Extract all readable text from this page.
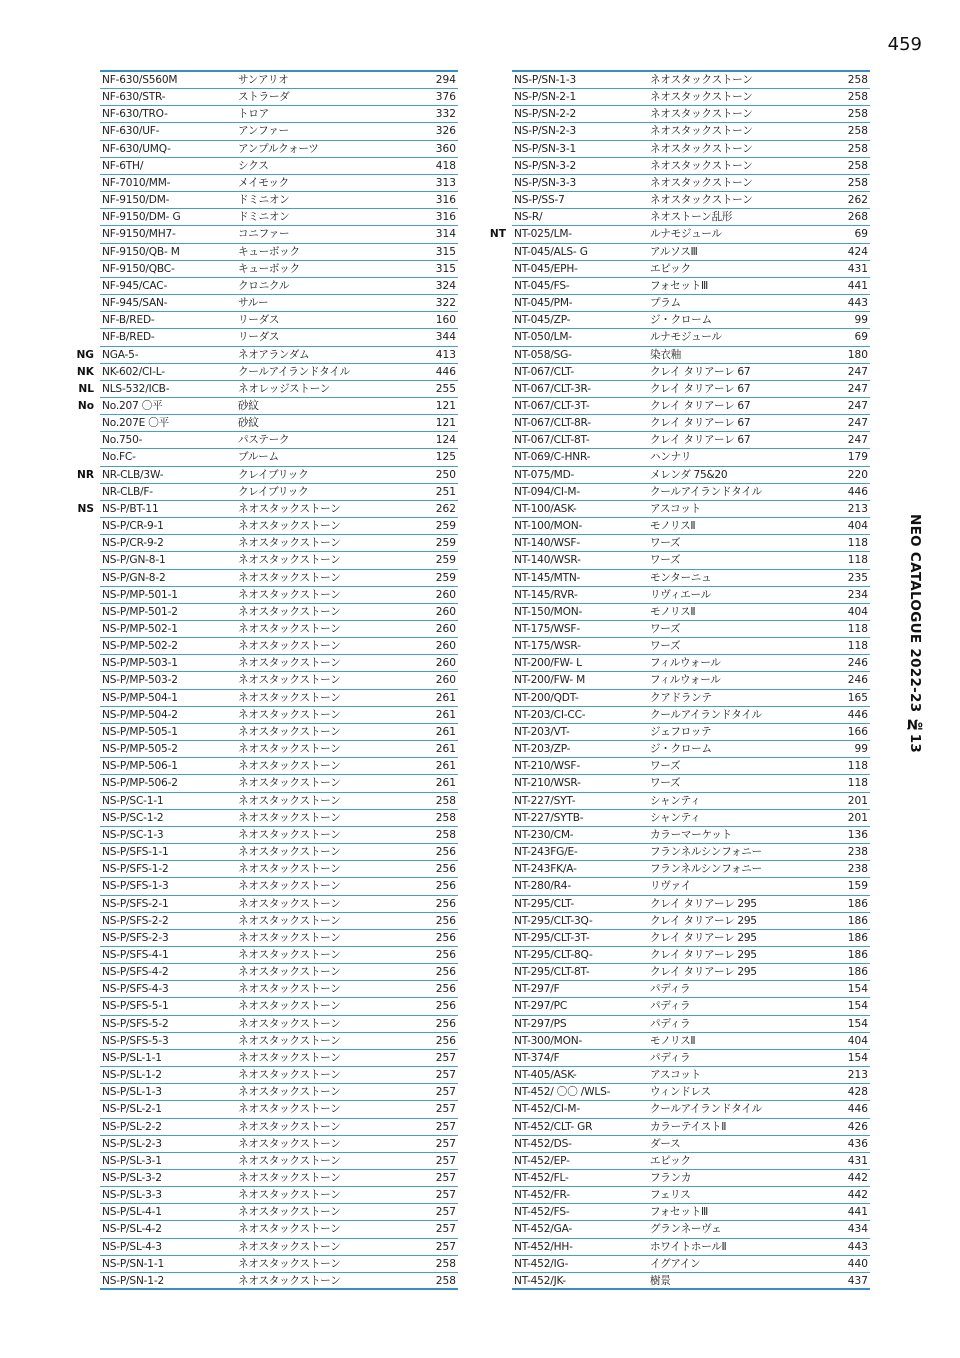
459
NEO CATALOGUE 2022-23 №13
NF-630/S560M	サンアリオ	294
NF-630/STR-	ストラーダ	376
NF-630/TRO-	トロア	332
NF-630/UF-	アンファー	326
NF-630/UMQ-	アンプルクォーツ	360
NF-6TH/	シクス	418
NF-7010/MM-	メイモック	313
NF-9150/DM-	ドミニオン	316
NF-9150/DM- G	ドミニオン	316
NF-9150/MH7-	コニファー	314
NF-9150/QB- M	キューボック	315
NF-9150/QBC-	キューボック	315
NF-945/CAC-	クロニクル	324
NF-945/SAN-	サルー	322
NF-B/RED-	リーダス	160
NF-B/RED-	リーダス	344
NG NGA-5-	ネオアランダム	413
NK NK-602/CI-L-	クールアイランドタイル	446
NL NLS-532/ICB-	ネオレッジストーン	255
No No.207 〇平	砂紋	121
No.207E 〇平	砂紋	121
No.750-	パステーク	124
No.FC-	ブルーム	125
NR NR-CLB/3W-	クレイブリック	250
NR-CLB/F-	クレイブリック	251
NS NS-P/BT-11	ネオスタックストーン	262
NS-P/CR-9-1	ネオスタックストーン	259
NS-P/CR-9-2	ネオスタックストーン	259
NS-P/GN-8-1	ネオスタックストーン	259
NS-P/GN-8-2	ネオスタックストーン	259
NS-P/MP-501-1	ネオスタックストーン	260
NS-P/MP-501-2	ネオスタックストーン	260
NS-P/MP-502-1	ネオスタックストーン	260
NS-P/MP-502-2	ネオスタックストーン	260
NS-P/MP-503-1	ネオスタックストーン	260
NS-P/MP-503-2	ネオスタックストーン	260
NS-P/MP-504-1	ネオスタックストーン	261
NS-P/MP-504-2	ネオスタックストーン	261
NS-P/MP-505-1	ネオスタックストーン	261
NS-P/MP-505-2	ネオスタックストーン	261
NS-P/MP-506-1	ネオスタックストーン	261
NS-P/MP-506-2	ネオスタックストーン	261
NS-P/SC-1-1	ネオスタックストーン	258
NS-P/SC-1-2	ネオスタックストーン	258
NS-P/SC-1-3	ネオスタックストーン	258
NS-P/SFS-1-1	ネオスタックストーン	256
NS-P/SFS-1-2	ネオスタックストーン	256
NS-P/SFS-1-3	ネオスタックストーン	256
NS-P/SFS-2-1	ネオスタックストーン	256
NS-P/SFS-2-2	ネオスタックストーン	256
NS-P/SFS-2-3	ネオスタックストーン	256
NS-P/SFS-4-1	ネオスタックストーン	256
NS-P/SFS-4-2	ネオスタックストーン	256
NS-P/SFS-4-3	ネオスタックストーン	256
NS-P/SFS-5-1	ネオスタックストーン	256
NS-P/SFS-5-2	ネオスタックストーン	256
NS-P/SFS-5-3	ネオスタックストーン	256
NS-P/SL-1-1	ネオスタックストーン	257
NS-P/SL-1-2	ネオスタックストーン	257
NS-P/SL-1-3	ネオスタックストーン	257
NS-P/SL-2-1	ネオスタックストーン	257
NS-P/SL-2-2	ネオスタックストーン	257
NS-P/SL-2-3	ネオスタックストーン	257
NS-P/SL-3-1	ネオスタックストーン	257
NS-P/SL-3-2	ネオスタックストーン	257
NS-P/SL-3-3	ネオスタックストーン	257
NS-P/SL-4-1	ネオスタックストーン	257
NS-P/SL-4-2	ネオスタックストーン	257
NS-P/SL-4-3	ネオスタックストーン	257
NS-P/SN-1-1	ネオスタックストーン	258
NS-P/SN-1-2	ネオスタックストーン	258
NS-P/SN-1-3	ネオスタックストーン	258
NS-P/SN-2-1	ネオスタックストーン	258
NS-P/SN-2-2	ネオスタックストーン	258
NS-P/SN-2-3	ネオスタックストーン	258
NS-P/SN-3-1	ネオスタックストーン	258
NS-P/SN-3-2	ネオスタックストーン	258
NS-P/SN-3-3	ネオスタックストーン	258
NS-P/SS-7	ネオスタックストーン	262
NS-R/	ネオストーン乱形	268
NT NT-025/LM-	ルナモジュール	69
NT-045/ALS- G	アルソスⅢ	424
NT-045/EPH-	エピック	431
NT-045/FS-	フォセットⅢ	441
NT-045/PM-	プラム	443
NT-045/ZP-	ジ・クローム	99
NT-050/LM-	ルナモジュール	69
NT-058/SG-	染衣釉	180
NT-067/CLT-	クレイ タリアーレ 67	247
NT-067/CLT-3R-	クレイ タリアーレ 67	247
NT-067/CLT-3T-	クレイ タリアーレ 67	247
NT-067/CLT-8R-	クレイ タリアーレ 67	247
NT-067/CLT-8T-	クレイ タリアーレ 67	247
NT-069/C-HNR-	ハンナリ	179
NT-075/MD-	メレンダ 75&20	220
NT-094/CI-M-	クールアイランドタイル	446
NT-100/ASK-	アスコット	213
NT-100/MON-	モノリスⅡ	404
NT-140/WSF-	ワーズ	118
NT-140/WSR-	ワーズ	118
NT-145/MTN-	モンターニュ	235
NT-145/RVR-	リヴィエール	234
NT-150/MON-	モノリスⅡ	404
NT-175/WSF-	ワーズ	118
NT-175/WSR-	ワーズ	118
NT-200/FW- L	フィルウォール	246
NT-200/FW- M	フィルウォール	246
NT-200/QDT-	クアドランテ	165
NT-203/CI-CC-	クールアイランドタイル	446
NT-203/VT-	ジェフロッテ	166
NT-203/ZP-	ジ・クローム	99
NT-210/WSF-	ワーズ	118
NT-210/WSR-	ワーズ	118
NT-227/SYT-	シャンティ	201
NT-227/SYTB-	シャンティ	201
NT-230/CM-	カラーマーケット	136
NT-243FG/E-	フランネルシンフォニー	238
NT-243FK/A-	フランネルシンフォニー	238
NT-280/R4-	リヴァイ	159
NT-295/CLT-	クレイ タリアーレ 295	186
NT-295/CLT-3Q-	クレイ タリアーレ 295	186
NT-295/CLT-3T-	クレイ タリアーレ 295	186
NT-295/CLT-8Q-	クレイ タリアーレ 295	186
NT-295/CLT-8T-	クレイ タリアーレ 295	186
NT-297/F	パディラ	154
NT-297/PC	パディラ	154
NT-297/PS	パディラ	154
NT-300/MON-	モノリスⅡ	404
NT-374/F	パディラ	154
NT-405/ASK-	アスコット	213
NT-452/ 〇〇 /WLS-	ウィンドレス	428
NT-452/CI-M-	クールアイランドタイル	446
NT-452/CLT- GR	カラーテイストⅡ	426
NT-452/DS-	ダース	436
NT-452/EP-	エピック	431
NT-452/FL-	フランカ	442
NT-452/FR-	フェリス	442
NT-452/FS-	フォセットⅢ	441
NT-452/GA-	グランネーヴェ	434
NT-452/HH-	ホワイトホールⅡ	443
NT-452/IG-	イグアイン	440
NT-452/JK-	樹景	437
